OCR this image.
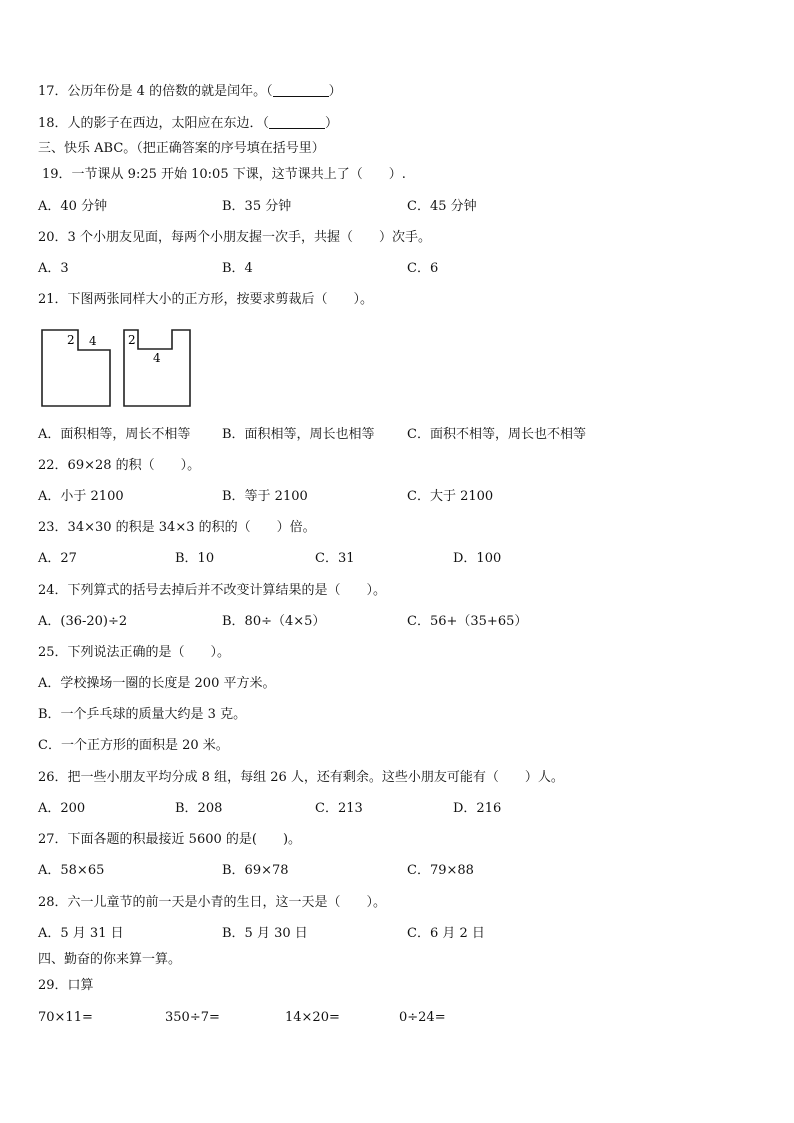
17．公历年份是 4 的倍数的就是闰年。（	）
18．人的影子在西边，太阳应在东边．（	）
三、快乐 ABC。（把正确答案的序号填在括号里）
19．一节课从 9:25 开始 10:05 下课，这节课共上了（　　）.
A．40 分钟	B．35 分钟	C．45 分钟
20．3 个小朋友见面，每两个小朋友握一次手，共握（　　）次手。
A．3	B．4	C．6
21．下图两张同样大小的正方形，按要求剪裁后（　　）。
2 4	2
4
A．面积相等，周长不相等 B．面积相等，周长也相等 C．面积不相等，周长也不相等
22．69×28 的积（　　）。
A．小于 2100	B．等于 2100	C．大于 2100
23．34×30 的积是 34×3 的积的（　　）倍。
A．27	B．10	C．31	D．100
24．下列算式的括号去掉后并不改变计算结果的是（　　）。
A．(36-20)÷2	B．80÷（4×5）	C．56+（35+65）
25．下列说法正确的是（　　）。
A．学校操场一圈的长度是 200 平方米。
B．一个乒乓球的质量大约是 3 克。
C．一个正方形的面积是 20 米。
26．把一些小朋友平均分成 8 组，每组 26 人，还有剩余。这些小朋友可能有（　　）人。
A．200	B．208	C．213	D．216
27．下面各题的积最接近 5600 的是(　　)。
A．58×65	B．69×78	C．79×88
28．六一儿童节的前一天是小青的生日，这一天是（　　）。
A．5 月 31 日	B．5 月 30 日	C．6 月 2 日
四、勤奋的你来算一算。
29．口算
70×11=	350÷7=	14×20=	0÷24=
